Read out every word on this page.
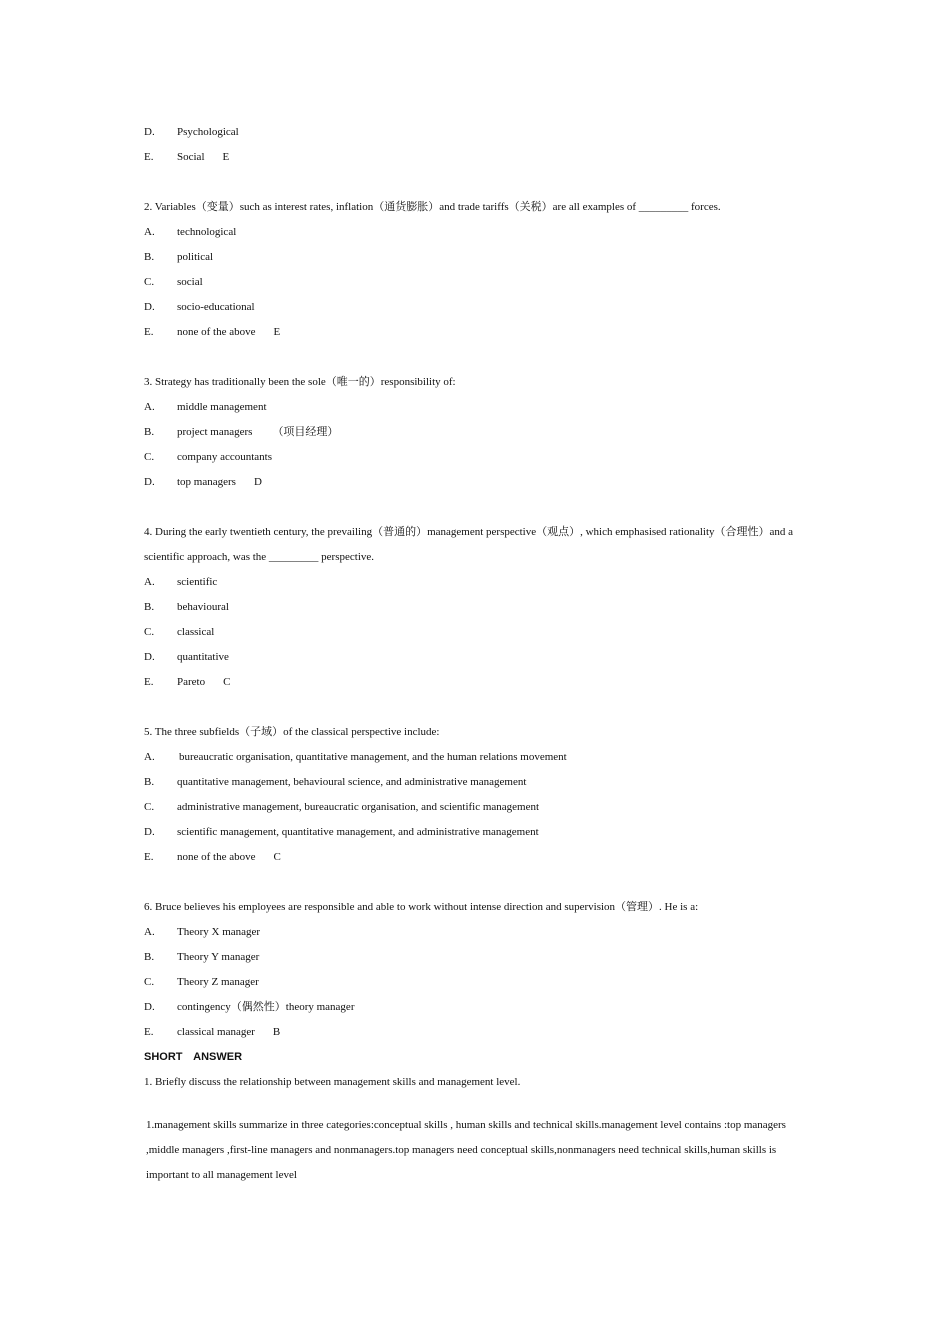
D.	Psychological
E.	Social E
2. Variables（变量）such as interest rates, inflation（通货膨胀）and trade tariffs（关税）are all examples of _________ forces.
A.	technological
B.	political
C.	social
D.	socio-educational
E.	none of the above E
3. Strategy has traditionally been the sole（唯一的）responsibility of:
A.	middle management
B.	project managers （项目经理）
C.	company accountants
D.	top managers D
4. During the early twentieth century, the prevailing（普通的）management perspective（观点）, which emphasised rationality（合理性）and a scientific approach, was the _________ perspective.
A.	scientific
B.	behavioural
C.	classical
D.	quantitative
E.	Pareto C
5. The three subfields（子域）of the classical perspective include:
A.	bureaucratic organisation, quantitative management, and the human relations movement
B.	quantitative management, behavioural science, and administrative management
C.	administrative management, bureaucratic organisation, and scientific management
D.	scientific management, quantitative management, and administrative management
E.	none of the above C
6. Bruce believes his employees are responsible and able to work without intense direction and supervision（管理）. He is a:
A.	Theory X manager
B.	Theory Y manager
C.	Theory Z manager
D.	contingency（偶然性）theory manager
E.	classical manager B
SHORT ANSWER
1. Briefly discuss the relationship between management skills and management level.
1.management skills summarize in three categories:conceptual skills , human skills and technical skills.management level contains :top managers ,middle managers ,first-line managers and nonmanagers.top managers need conceptual skills,nonmanagers need technical skills,human skills is important to all management level
